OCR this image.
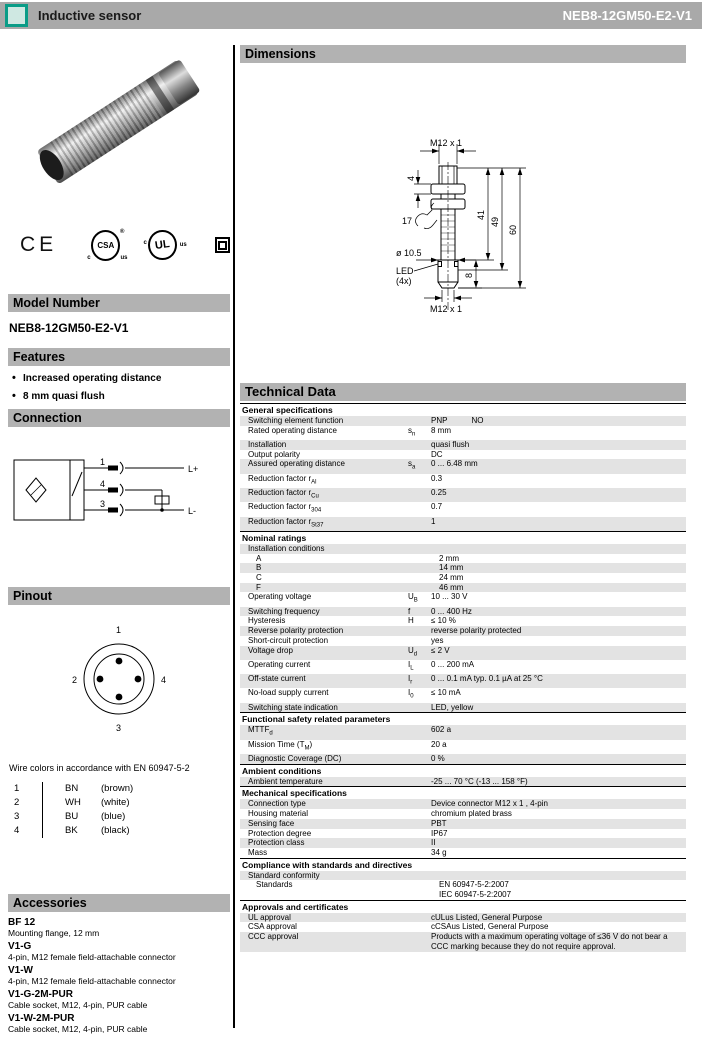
Inductive sensor	NEB8-12GM50-E2-V1
CE	CSA
c	us
®
UL
c	us
Model Number
NEB8-12GM50-E2-V1
Features
• Increased operating distance
• 8 mm quasi flush
Connection
1
4
3
L+
L-
Pinout
1
2	4
3
Wire colors in accordance with EN 60947-5-2
1	BN	(brown)
2	WH	(white)
3	BU	(blue)
4	BK	(black)
Accessories
BF 12
Mounting flange, 12 mm
V1-G
4-pin, M12 female field-attachable connector
V1-W
4-pin, M12 female field-attachable connector
V1-G-2M-PUR
Cable socket, M12, 4-pin, PUR cable
V1-W-2M-PUR
Cable socket, M12, 4-pin, PUR cable
Dimensions
M12 x 1
4
17
ø 10.5
LED
(4x)
8
M12 x 1
41
49
60
Technical Data
General specifications
Switching element function	PNP	NO
Rated operating distance	$s_n$	8 mm
Installation	quasi flush
Output polarity	DC
Assured operating distance	$s_a$	0 ... 6.48 mm
Reduction factor $r_{Al}$	0.3
Reduction factor $r_{Cu}$	0.25
Reduction factor $r_{304}$	0.7
Reduction factor $r_{St37}$	1
Nominal ratings
Installation conditions
A	2 mm
B	14 mm
C	24 mm
F	46 mm
Operating voltage	$U_B$	10 ... 30 V
Switching frequency	f	0 ... 400 Hz
Hysteresis	H	≤ 10 %
Reverse polarity protection	reverse polarity protected
Short-circuit protection	yes
Voltage drop	$U_d$	≤ 2 V
Operating current	$I_L$	0 ... 200 mA
Off-state current	$I_r$	0 ... 0.1 mA typ. 0.1 µA at 25 °C
No-load supply current	$I_0$	≤ 10 mA
Switching state indication	LED, yellow
Functional safety related parameters
$MTTF_d$	602 a
Mission Time $(T_M)$	20 a
Diagnostic Coverage (DC)	0 %
Ambient conditions
Ambient temperature	-25 ... 70 °C (-13 ... 158 °F)
Mechanical specifications
Connection type	Device connector M12 x 1 , 4-pin
Housing material	chromium plated brass
Sensing face	PBT
Protection degree	IP67
Protection class	II
Mass	34 g
Compliance with standards and directives
Standard conformity
Standards	EN 60947-5-2:2007
IEC 60947-5-2:2007
Approvals and certificates
UL approval	cULus Listed, General Purpose
CSA approval	cCSAus Listed, General Purpose
CCC approval	Products with a maximum operating voltage of ≤36 V do not bear a CCC marking because they do not require approval.
